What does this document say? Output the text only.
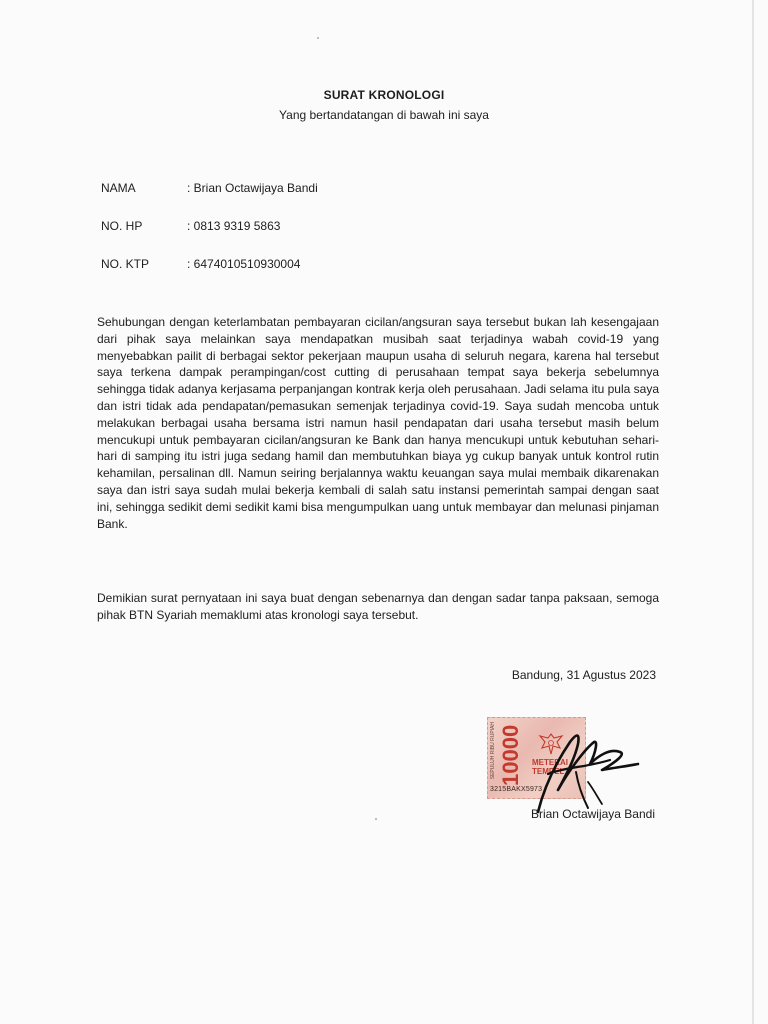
SURAT KRONOLOGI
Yang bertandatangan di bawah ini saya
NAMA	: Brian Octawijaya Bandi
NO. HP	: 0813 9319 5863
NO. KTP	: 6474010510930004
Sehubungan dengan keterlambatan pembayaran cicilan/angsuran saya tersebut bukan lah kesengajaan dari pihak saya melainkan saya mendapatkan musibah saat terjadinya wabah covid-19 yang menyebabkan pailit di berbagai sektor pekerjaan maupun usaha di seluruh negara, karena hal tersebut saya terkena dampak perampingan/cost cutting di perusahaan tempat saya bekerja sebelumnya sehingga tidak adanya kerjasama perpanjangan kontrak kerja oleh perusahaan. Jadi selama itu pula saya dan istri tidak ada pendapatan/pemasukan semenjak terjadinya covid-19. Saya sudah mencoba untuk melakukan berbagai usaha bersama istri namun hasil pendapatan dari usaha tersebut masih belum mencukupi untuk pembayaran cicilan/angsuran ke Bank dan hanya mencukupi untuk kebutuhan sehari-hari di samping itu istri juga sedang hamil dan membutuhkan biaya yg cukup banyak untuk kontrol rutin kehamilan, persalinan dll. Namun seiring berjalannya waktu keuangan saya mulai membaik dikarenakan saya dan istri saya sudah mulai bekerja kembali di salah satu instansi pemerintah sampai dengan saat ini, sehingga sedikit demi sedikit kami bisa mengumpulkan uang untuk membayar dan melunasi pinjaman Bank.
Demikian surat pernyataan ini saya buat dengan sebenarnya dan dengan sadar tanpa paksaan, semoga pihak BTN Syariah memaklumi atas kronologi saya tersebut.
Bandung, 31 Agustus 2023
SEPULUH RIBU RUPIAH 10000 METERAI TEMPEL
3215BAKX5973
Brian Octawijaya Bandi
